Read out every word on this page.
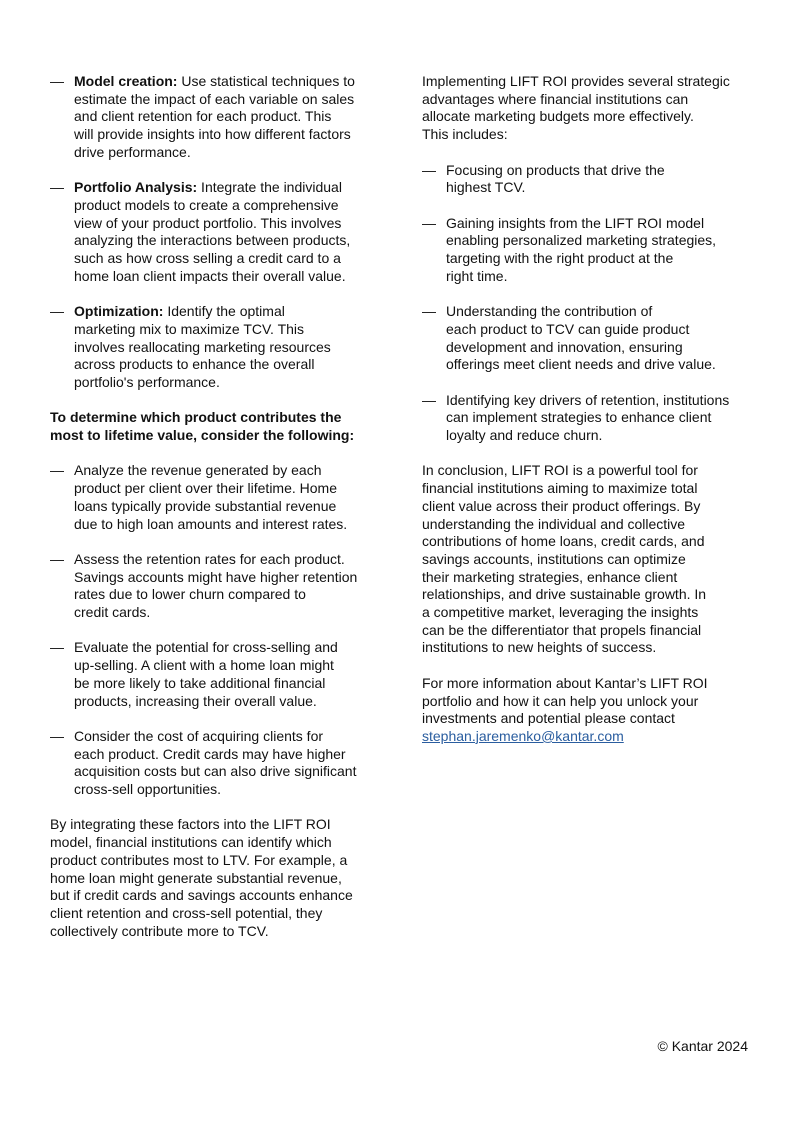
— Model creation: Use statistical techniques to
estimate the impact of each variable on sales
and client retention for each product. This
will provide insights into how different factors
drive performance.
— Portfolio Analysis: Integrate the individual
product models to create a comprehensive
view of your product portfolio. This involves
analyzing the interactions between products,
such as how cross selling a credit card to a
home loan client impacts their overall value.
— Optimization: Identify the optimal
marketing mix to maximize TCV. This
involves reallocating marketing resources
across products to enhance the overall
portfolio's performance.

To determine which product contributes the
most to lifetime value, consider the following:

— Analyze the revenue generated by each
product per client over their lifetime. Home
loans typically provide substantial revenue
due to high loan amounts and interest rates.
— Assess the retention rates for each product.
Savings accounts might have higher retention
rates due to lower churn compared to
credit cards.
— Evaluate the potential for cross-selling and
up-selling. A client with a home loan might
be more likely to take additional financial
products, increasing their overall value.
— Consider the cost of acquiring clients for
each product. Credit cards may have higher
acquisition costs but can also drive significant
cross-sell opportunities.

By integrating these factors into the LIFT ROI
model, financial institutions can identify which
product contributes most to LTV. For example, a
home loan might generate substantial revenue,
but if credit cards and savings accounts enhance
client retention and cross-sell potential, they
collectively contribute more to TCV.

Implementing LIFT ROI provides several strategic
advantages where financial institutions can
allocate marketing budgets more effectively.
This includes:

— Focusing on products that drive the
highest TCV.
— Gaining insights from the LIFT ROI model
enabling personalized marketing strategies,
targeting with the right product at the
right time.
— Understanding the contribution of
each product to TCV can guide product
development and innovation, ensuring
offerings meet client needs and drive value.
— Identifying key drivers of retention, institutions
can implement strategies to enhance client
loyalty and reduce churn.

In conclusion, LIFT ROI is a powerful tool for
financial institutions aiming to maximize total
client value across their product offerings. By
understanding the individual and collective
contributions of home loans, credit cards, and
savings accounts, institutions can optimize
their marketing strategies, enhance client
relationships, and drive sustainable growth. In
a competitive market, leveraging the insights
can be the differentiator that propels financial
institutions to new heights of success.

For more information about Kantar’s LIFT ROI
portfolio and how it can help you unlock your
investments and potential please contact
stephan.jaremenko@kantar.com

© Kantar 2024
